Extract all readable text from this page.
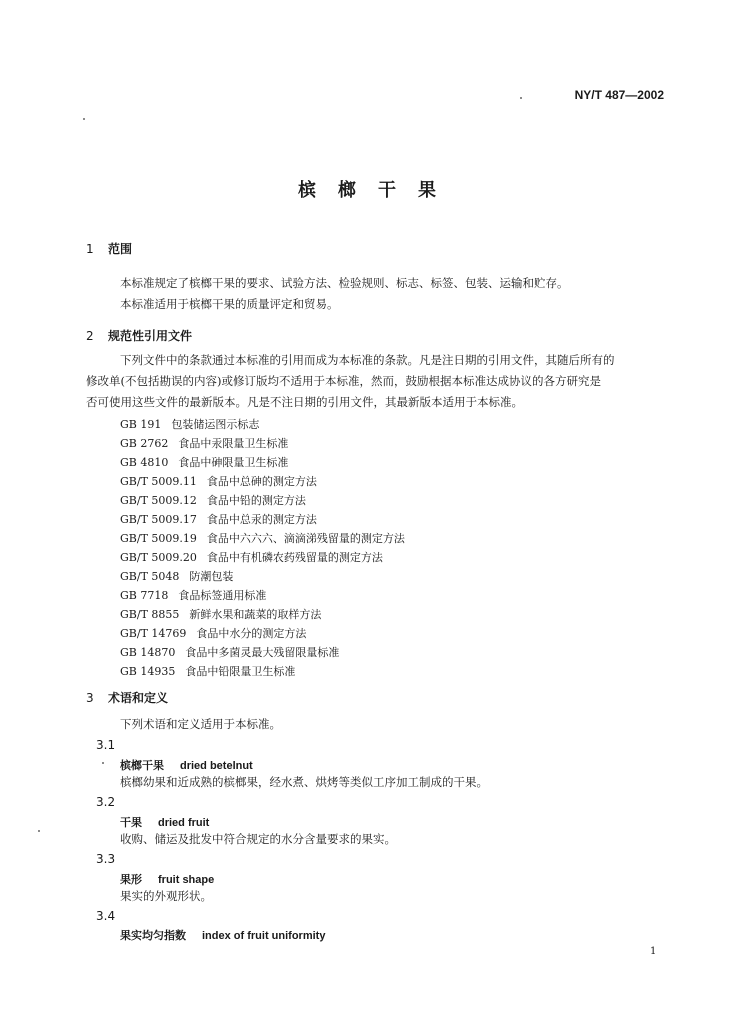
NY/T 487—2002
槟榔干果
1 范围
本标准规定了槟榔干果的要求、试验方法、检验规则、标志、标签、包装、运输和贮存。
本标准适用于槟榔干果的质量评定和贸易。
2 规范性引用文件
下列文件中的条款通过本标准的引用而成为本标准的条款。凡是注日期的引用文件，其随后所有的
修改单(不包括勘误的内容)或修订版均不适用于本标准，然而，鼓励根据本标准达成协议的各方研究是
否可使用这些文件的最新版本。凡是不注日期的引用文件，其最新版本适用于本标准。
GB 191 包装储运图示标志
GB 2762 食品中汞限量卫生标准
GB 4810 食品中砷限量卫生标准
GB/T 5009.11 食品中总砷的测定方法
GB/T 5009.12 食品中铅的测定方法
GB/T 5009.17 食品中总汞的测定方法
GB/T 5009.19 食品中六六六、滴滴涕残留量的测定方法
GB/T 5009.20 食品中有机磷农药残留量的测定方法
GB/T 5048 防潮包装
GB 7718 食品标签通用标准
GB/T 8855 新鲜水果和蔬菜的取样方法
GB/T 14769 食品中水分的测定方法
GB 14870 食品中多菌灵最大残留限量标准
GB 14935 食品中铅限量卫生标准
3 术语和定义
下列术语和定义适用于本标准。
3.1
槟榔干果 dried betelnut
槟榔幼果和近成熟的槟榔果，经水煮、烘烤等类似工序加工制成的干果。
3.2
干果 dried fruit
收购、储运及批发中符合规定的水分含量要求的果实。
3.3
果形 fruit shape
果实的外观形状。
3.4
果实均匀指数 index of fruit uniformity
1
